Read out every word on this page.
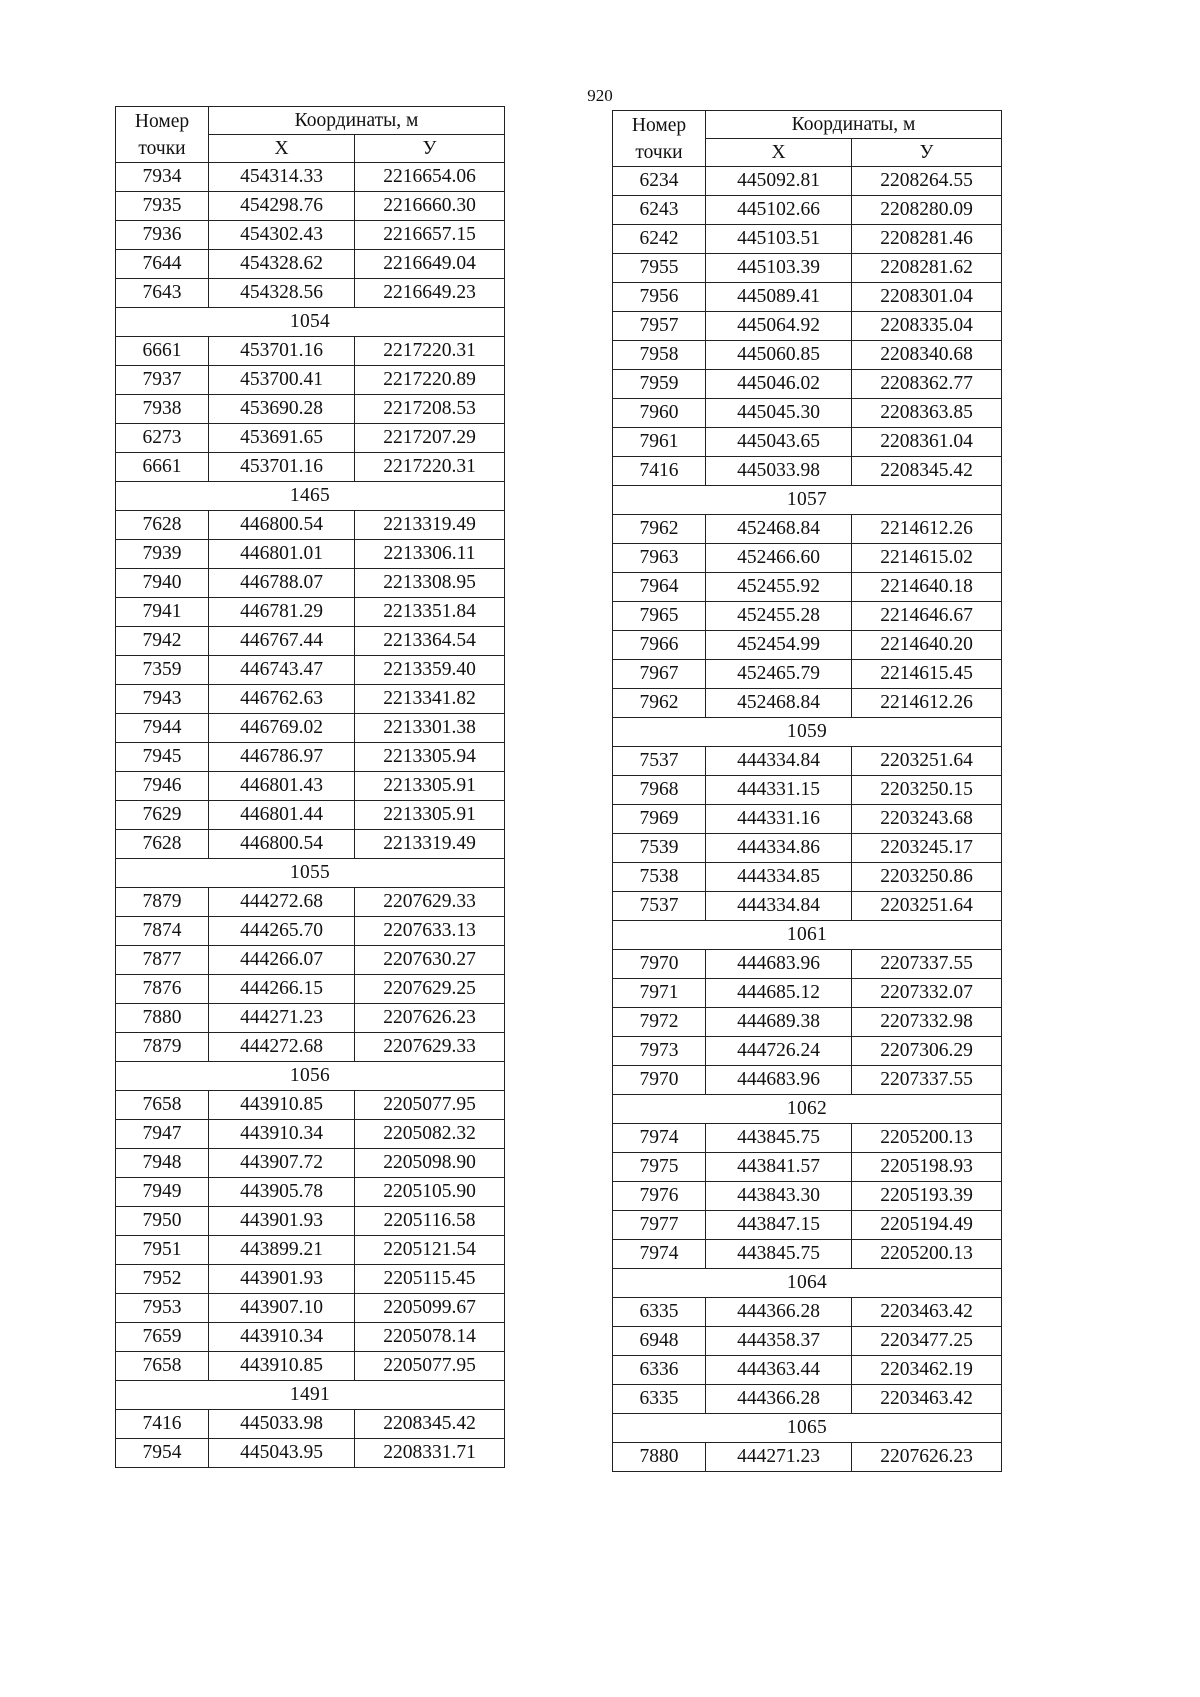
920
Номер точки	Координаты, м	
	X	У
7934	454314.33	2216654.06
7935	454298.76	2216660.30
7936	454302.43	2216657.15
7644	454328.62	2216649.04
7643	454328.56	2216649.23
1054		
6661	453701.16	2217220.31
7937	453700.41	2217220.89
7938	453690.28	2217208.53
6273	453691.65	2217207.29
6661	453701.16	2217220.31
1465		
7628	446800.54	2213319.49
7939	446801.01	2213306.11
7940	446788.07	2213308.95
7941	446781.29	2213351.84
7942	446767.44	2213364.54
7359	446743.47	2213359.40
7943	446762.63	2213341.82
7944	446769.02	2213301.38
7945	446786.97	2213305.94
7946	446801.43	2213305.91
7629	446801.44	2213305.91
7628	446800.54	2213319.49
1055		
7879	444272.68	2207629.33
7874	444265.70	2207633.13
7877	444266.07	2207630.27
7876	444266.15	2207629.25
7880	444271.23	2207626.23
7879	444272.68	2207629.33
1056		
7658	443910.85	2205077.95
7947	443910.34	2205082.32
7948	443907.72	2205098.90
7949	443905.78	2205105.90
7950	443901.93	2205116.58
7951	443899.21	2205121.54
7952	443901.93	2205115.45
7953	443907.10	2205099.67
7659	443910.34	2205078.14
7658	443910.85	2205077.95
1491		
7416	445033.98	2208345.42
7954	445043.95	2208331.71
Номер точки	Координаты, м	
	X	У
6234	445092.81	2208264.55
6243	445102.66	2208280.09
6242	445103.51	2208281.46
7955	445103.39	2208281.62
7956	445089.41	2208301.04
7957	445064.92	2208335.04
7958	445060.85	2208340.68
7959	445046.02	2208362.77
7960	445045.30	2208363.85
7961	445043.65	2208361.04
7416	445033.98	2208345.42
1057		
7962	452468.84	2214612.26
7963	452466.60	2214615.02
7964	452455.92	2214640.18
7965	452455.28	2214646.67
7966	452454.99	2214640.20
7967	452465.79	2214615.45
7962	452468.84	2214612.26
1059		
7537	444334.84	2203251.64
7968	444331.15	2203250.15
7969	444331.16	2203243.68
7539	444334.86	2203245.17
7538	444334.85	2203250.86
7537	444334.84	2203251.64
1061		
7970	444683.96	2207337.55
7971	444685.12	2207332.07
7972	444689.38	2207332.98
7973	444726.24	2207306.29
7970	444683.96	2207337.55
1062		
7974	443845.75	2205200.13
7975	443841.57	2205198.93
7976	443843.30	2205193.39
7977	443847.15	2205194.49
7974	443845.75	2205200.13
1064		
6335	444366.28	2203463.42
6948	444358.37	2203477.25
6336	444363.44	2203462.19
6335	444366.28	2203463.42
1065		
7880	444271.23	2207626.23
